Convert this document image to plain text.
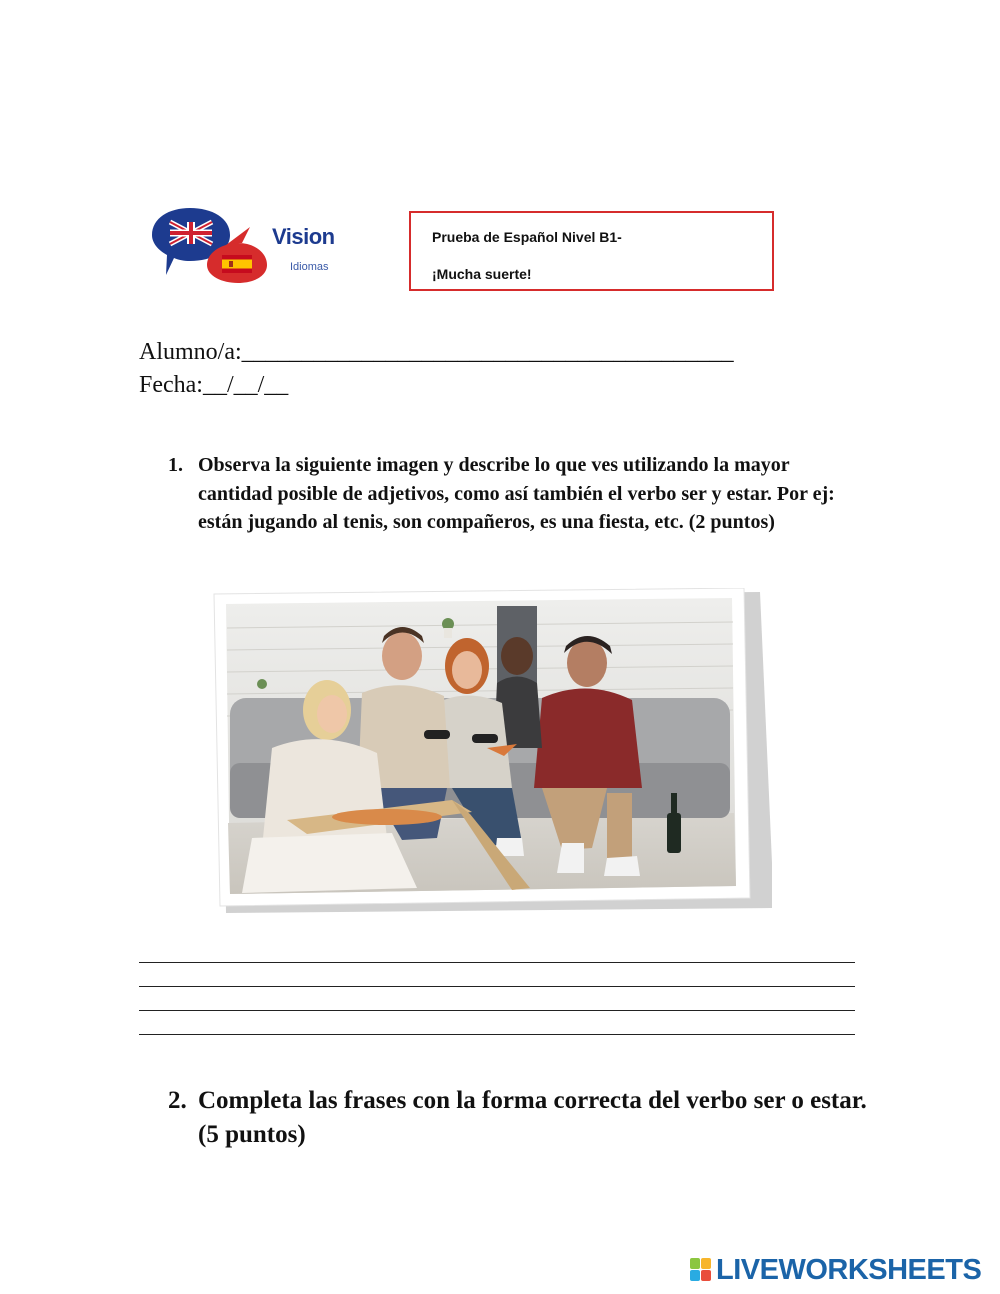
Vision
Idiomas
Prueba de Español Nivel B1-
¡Mucha suerte!
Alumno/a:_________________________________________
Fecha:__/__/__
1. Observa la siguiente imagen y describe lo que ves utilizando la mayor cantidad posible de adjetivos, como así también el verbo ser y estar. Por ej: están jugando al tenis, son compañeros, es una fiesta, etc. (2 puntos)
2. Completa las frases con la forma correcta del verbo ser o estar. (5 puntos)
LIVEWORKSHEETS
